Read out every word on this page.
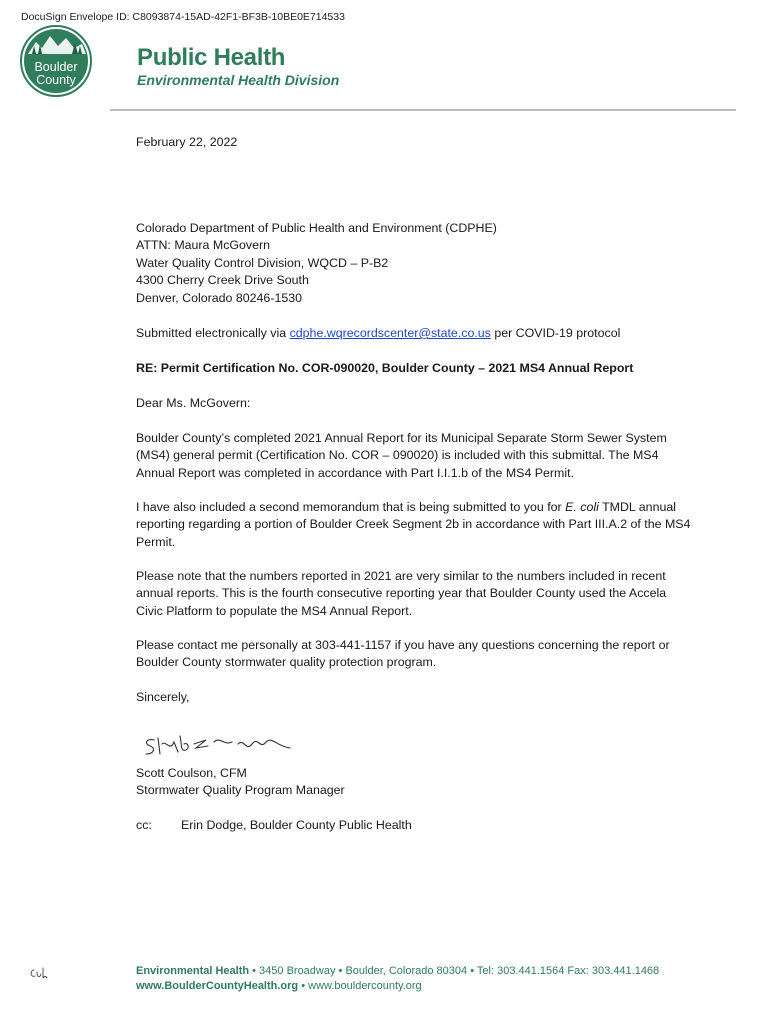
DocuSign Envelope ID: C8093874-15AD-42F1-BF3B-10BE0E714533
Boulder
County
Public Health
Environmental Health Division
February 22, 2022

Colorado Department of Public Health and Environment (CDPHE)

ATTN: Maura McGovern

Water Quality Control Division, WQCD – P-B2

4300 Cherry Creek Drive South

Denver, Colorado 80246-1530

Submitted electronically via cdphe.wqrecordscenter@state.co.us per COVID-19 protocol
RE: Permit Certification No. COR-090020, Boulder County – 2021 MS4 Annual Report
Dear Ms. McGovern:
Boulder County’s completed 2021 Annual Report for its Municipal Separate Storm Sewer System (MS4) general permit (Certification No. COR – 090020) is included with this submittal. The MS4 Annual Report was completed in accordance with Part I.I.1.b of the MS4 Permit.
I have also included a second memorandum that is being submitted to you for E. coli TMDL annual reporting regarding a portion of Boulder Creek Segment 2b in accordance with Part III.A.2 of the MS4 Permit.
Please note that the numbers reported in 2021 are very similar to the numbers included in recent annual reports. This is the fourth consecutive reporting year that Boulder County used the Accela Civic Platform to populate the MS4 Annual Report.
Please contact me personally at 303-441-1157 if you have any questions concerning the report or Boulder County stormwater quality protection program.
Sincerely,

Scott Coulson, CFM

Stormwater Quality Program Manager

cc: Erin Dodge, Boulder County Public Health
Environmental Health • 3450 Broadway • Boulder, Colorado 80304 • Tel: 303.441.1564 Fax: 303.441.1468
www.BoulderCountyHealth.org • www.bouldercounty.org
